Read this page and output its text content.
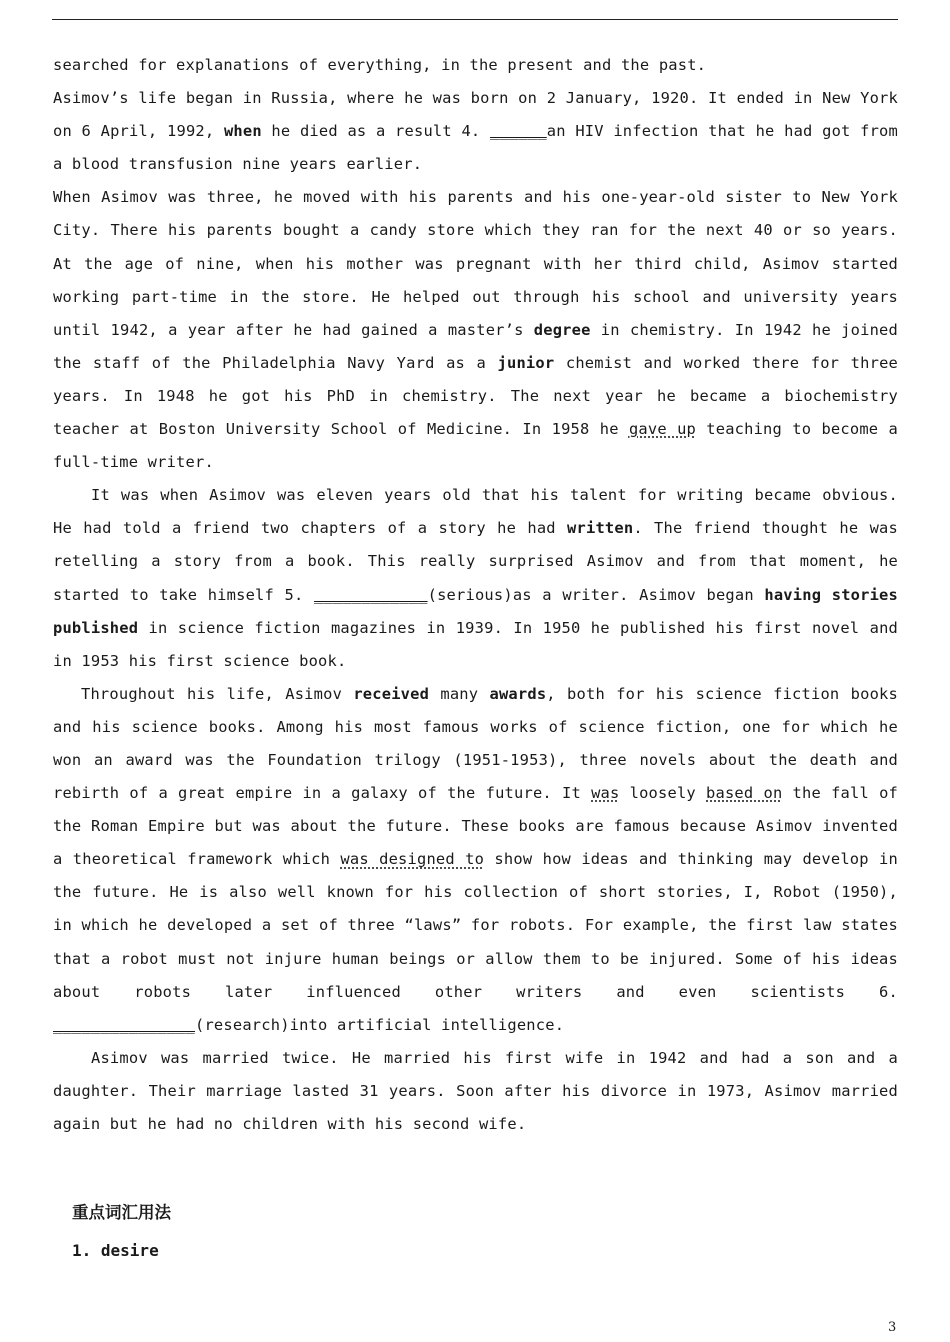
searched for explanations of everything, in the present and the past.

Asimov’s life began in Russia, where he was born on 2 January, 1920. It ended in New York on 6 April, 1992, when he died as a result 4. ______an HIV infection that he had got from a blood transfusion nine years earlier.

When Asimov was three, he moved with his parents and his one-year-old sister to New York City. There his parents bought a candy store which they ran for the next 40 or so years. At the age of nine, when his mother was pregnant with her third child, Asimov started working part-time in the store. He helped out through his school and university years until 1942, a year after he had gained a master’s degree in chemistry. In 1942 he joined the staff of the Philadelphia Navy Yard as a junior chemist and worked there for three years. In 1948 he got his PhD in chemistry. The next year he became a biochemistry teacher at Boston University School of Medicine. In 1958 he gave up teaching to become a full-time writer.

It was when Asimov was eleven years old that his talent for writing became obvious. He had told a friend two chapters of a story he had written. The friend thought he was retelling a story from a book. This really surprised Asimov and from that moment, he started to take himself 5. ____________(serious)as a writer. Asimov began having stories published in science fiction magazines in 1939. In 1950 he published his first novel and in 1953 his first science book.

Throughout his life, Asimov received many awards, both for his science fiction books and his science books. Among his most famous works of science fiction, one for which he won an award was the Foundation trilogy (1951-1953), three novels about the death and rebirth of a great empire in a galaxy of the future. It was loosely based on the fall of the Roman Empire but was about the future. These books are famous because Asimov invented a theoretical framework which was designed to show how ideas and thinking may develop in the future. He is also well known for his collection of short stories, I, Robot (1950), in which he developed a set of three “laws” for robots. For example, the first law states that a robot must not injure human beings or allow them to be injured. Some of his ideas about robots later influenced other writers and even scientists 6. _______________(research)into artificial intelligence.

Asimov was married twice. He married his first wife in 1942 and had a son and a daughter. Their marriage lasted 31 years. Soon after his divorce in 1973, Asimov married again but he had no children with his second wife.

重点词汇用法
1. desire
3
